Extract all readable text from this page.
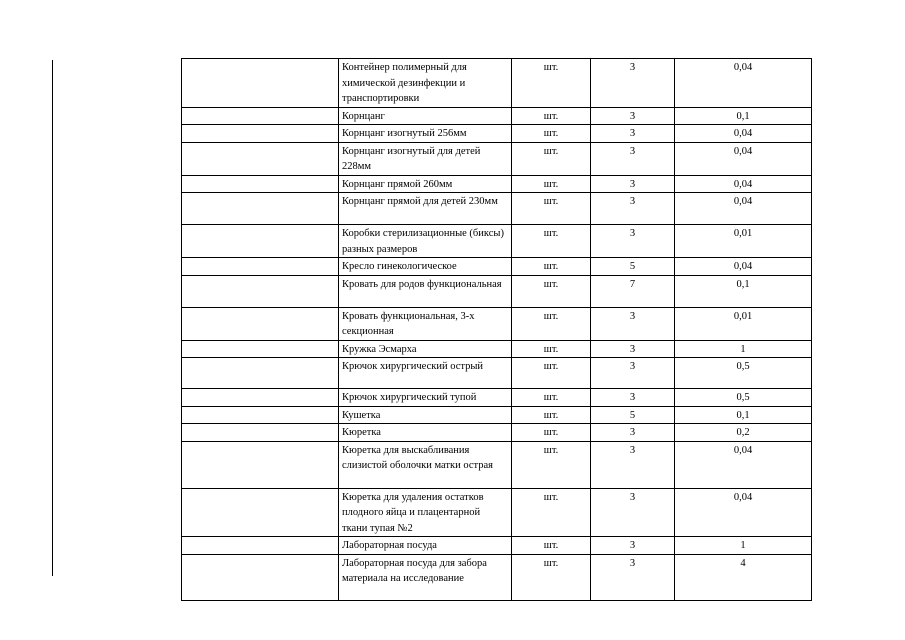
	Контейнер полимерный для химической дезинфекции и транспортировки	шт.	3	0,04
	Корнцанг	шт.	3	0,1
	Корнцанг изогнутый 256мм	шт.	3	0,04
	Корнцанг изогнутый для детей 228мм	шт.	3	0,04
	Корнцанг прямой 260мм	шт.	3	0,04
	Корнцанг прямой для детей 230мм	шт.	3	0,04
	Коробки стерилизационные (биксы) разных размеров	шт.	3	0,01
	Кресло гинекологическое	шт.	5	0,04
	Кровать для родов функциональная	шт.	7	0,1
	Кровать функциональная, 3-х секционная	шт.	3	0,01
	Кружка Эсмарха	шт.	3	1
	Крючок хирургический острый	шт.	3	0,5
	Крючок хирургический тупой	шт.	3	0,5
	Кушетка	шт.	5	0,1
	Кюретка	шт.	3	0,2
	Кюретка для выскабливания слизистой оболочки матки острая	шт.	3	0,04
	Кюретка для удаления остатков плодного яйца и плацентарной ткани тупая №2	шт.	3	0,04
	Лабораторная посуда	шт.	3	1
	Лабораторная посуда для забора материала на исследование	шт.	3	4
